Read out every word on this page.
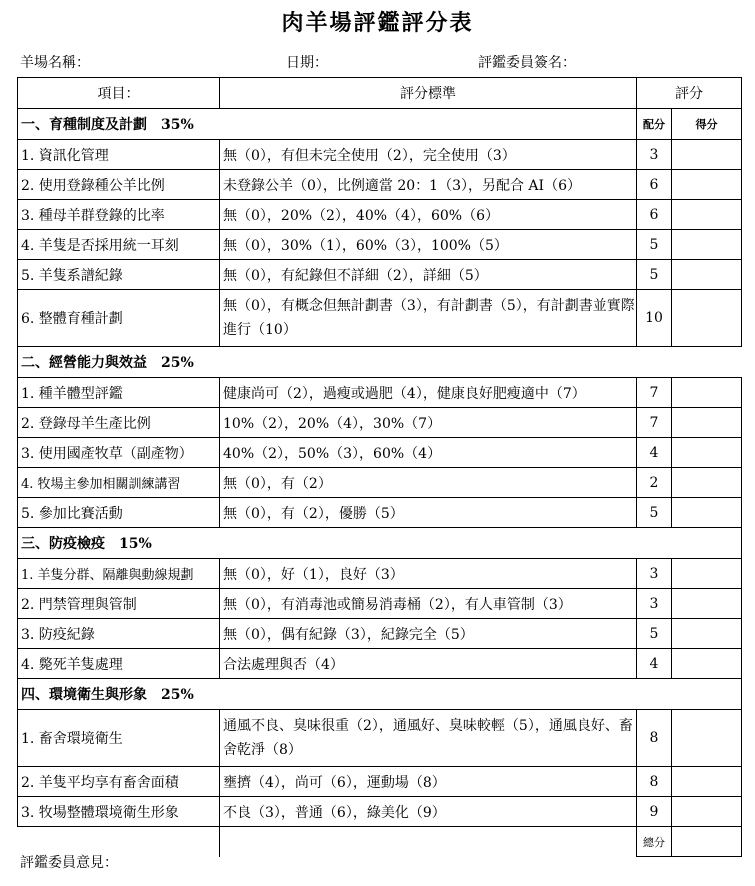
肉羊場評鑑評分表
羊場名稱：	日期：	評鑑委員簽名：
項目：	評分標準	評分	
一、育種制度及計劃　35%		配分	得分
1. 資訊化管理	無（0），有但未完全使用（2），完全使用（3）	3	
2. 使用登錄種公羊比例	未登錄公羊（0），比例適當 20：1（3），另配合 AI（6）	6	
3. 種母羊群登錄的比率	無（0），20%（2），40%（4），60%（6）	6	
4. 羊隻是否採用統一耳刻	無（0），30%（1），60%（3），100%（5）	5	
5. 羊隻系譜紀錄	無（0），有紀錄但不詳細（2），詳細（5）	5	
6. 整體育種計劃	無（0），有概念但無計劃書（3），有計劃書（5），有計劃書並實際進行（10）	10	
二、經營能力與效益　25%			
1. 種羊體型評鑑	健康尚可（2），過瘦或過肥（4），健康良好肥瘦適中（7）	7	
2. 登錄母羊生產比例	10%（2），20%（4），30%（7）	7	
3. 使用國產牧草（副產物）	40%（2），50%（3），60%（4）	4	
4. 牧場主參加相關訓練講習	無（0），有（2）	2	
5. 參加比賽活動	無（0），有（2），優勝（5）	5	
三、防疫檢疫　15%			
1. 羊隻分群、隔離與動線規劃	無（0），好（1），良好（3）	3	
2. 門禁管理與管制	無（0），有消毒池或簡易消毒桶（2），有人車管制（3）	3	
3. 防疫紀錄	無（0），偶有紀錄（3），紀錄完全（5）	5	
4. 斃死羊隻處理	合法處理與否（4）	4	
四、環境衛生與形象　25%			
1. 畜舍環境衛生	通風不良、臭味很重（2），通風好、臭味較輕（5），通風良好、畜舍乾淨（8）	8	
2. 羊隻平均享有畜舍面積	壅擠（4），尚可（6），運動場（8）	8	
3. 牧場整體環境衛生形象	不良（3），普通（6），綠美化（9）	9	
		總分	
評鑑委員意見：
